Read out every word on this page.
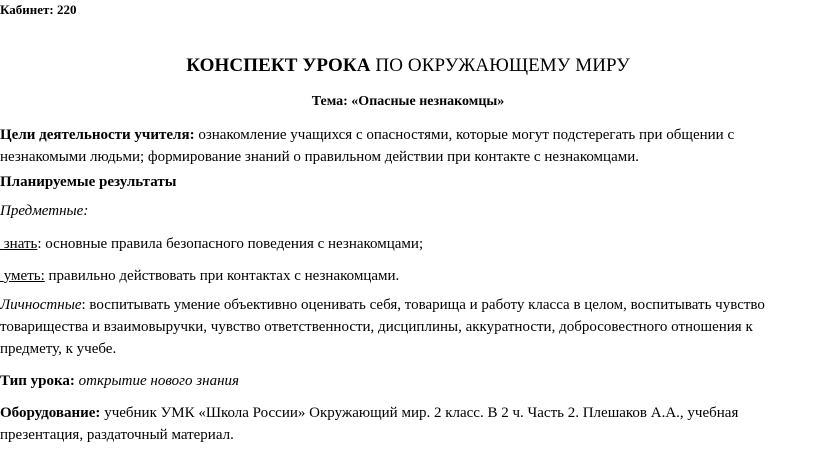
Кабинет: 220
КОНСПЕКТ УРОКА ПО ОКРУЖАЮЩЕМУ МИРУ
Тема: «Опасные незнакомцы»
Цели деятельности учителя: ознакомление учащихся с опасностями, которые могут подстерегать при общении с
незнакомыми людьми; формирование знаний о правильном действии при контакте с незнакомцами.
Планируемые результаты
Предметные:
знать: основные правила безопасного поведения с незнакомцами;
уметь: правильно действовать при контактах с незнакомцами.
Личностные: воспитывать умение объективно оценивать себя, товарища и работу класса в целом, воспитывать чувство
товарищества и взаимовыручки, чувство ответственности, дисциплины, аккуратности, добросовестного отношения к
предмету, к учебе.
Тип урока: открытие нового знания
Оборудование: учебник УМК «Школа России» Окружающий мир. 2 класс. В 2 ч. Часть 2. Плешаков А.А., учебная
презентация, раздаточный материал.
